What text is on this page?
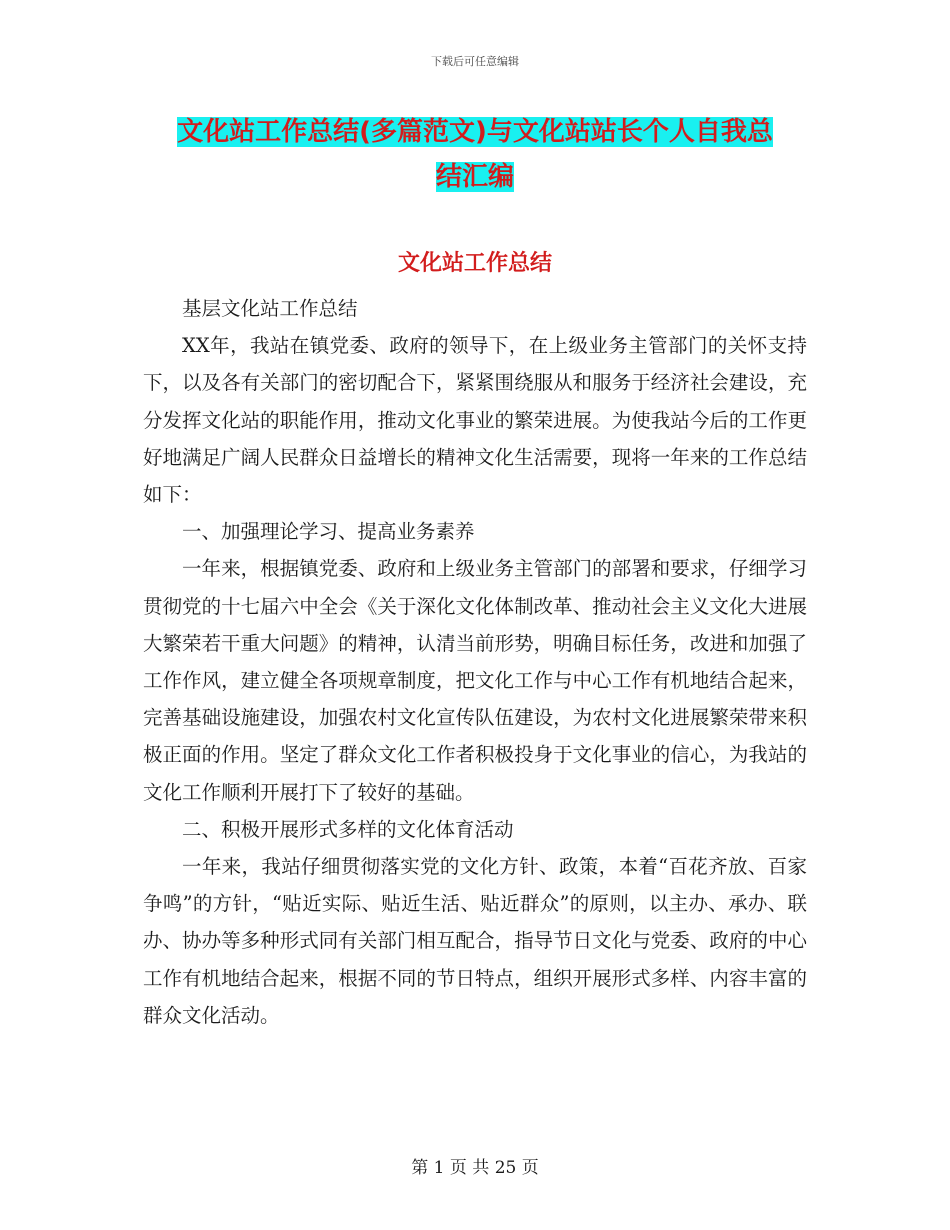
下载后可任意编辑
文化站工作总结(多篇范文)与文化站站长个人自我总
结汇编
文化站工作总结

基层文化站工作总结

XX年，我站在镇党委、政府的领导下，在上级业务主管部门的关怀支持下，以及各有关部门的密切配合下，紧紧围绕服从和服务于经济社会建设，充分发挥文化站的职能作用，推动文化事业的繁荣进展。为使我站今后的工作更好地满足广阔人民群众日益增长的精神文化生活需要，现将一年来的工作总结如下：

一、加强理论学习、提高业务素养

一年来，根据镇党委、政府和上级业务主管部门的部署和要求，仔细学习贯彻党的十七届六中全会《关于深化文化体制改革、推动社会主义文化大进展大繁荣若干重大问题》的精神，认清当前形势，明确目标任务，改进和加强了工作作风，建立健全各项规章制度，把文化工作与中心工作有机地结合起来，完善基础设施建设，加强农村文化宣传队伍建设，为农村文化进展繁荣带来积极正面的作用。坚定了群众文化工作者积极投身于文化事业的信心，为我站的文化工作顺利开展打下了较好的基础。

二、积极开展形式多样的文化体育活动

一年来，我站仔细贯彻落实党的文化方针、政策，本着“百花齐放、百家争鸣”的方针，“贴近实际、贴近生活、贴近群众”的原则，以主办、承办、联办、协办等多种形式同有关部门相互配合，指导节日文化与党委、政府的中心工作有机地结合起来，根据不同的节日特点，组织开展形式多样、内容丰富的群众文化活动。

第 1 页 共 25 页
